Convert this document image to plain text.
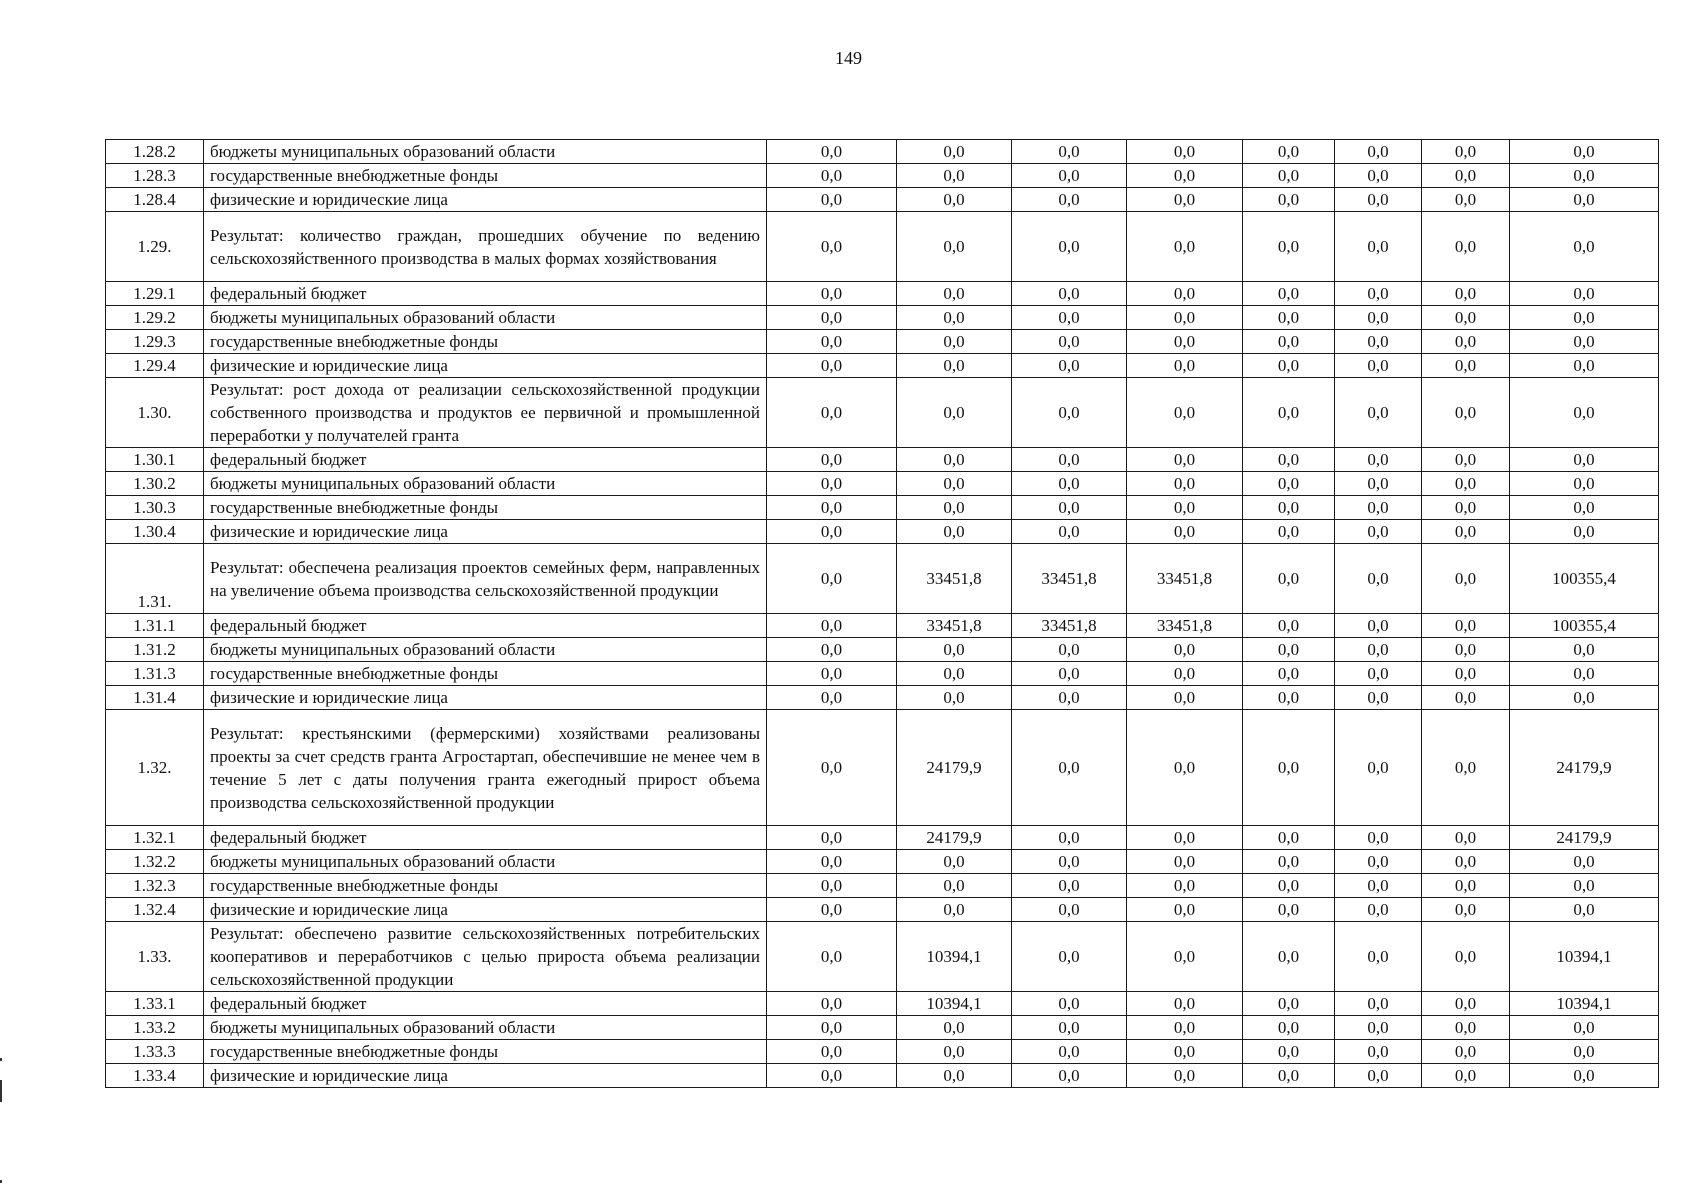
149
1.28.2	бюджеты муниципальных образований области	0,0	0,0	0,0	0,0	0,0	0,0	0,0	0,0
1.28.3	государственные внебюджетные фонды	0,0	0,0	0,0	0,0	0,0	0,0	0,0	0,0
1.28.4	физические и юридические лица	0,0	0,0	0,0	0,0	0,0	0,0	0,0	0,0
1.29.	Результат: количество граждан, прошедших обучение по ведению сельскохозяйственного производства в малых формах хозяйствования	0,0	0,0	0,0	0,0	0,0	0,0	0,0	0,0
1.29.1	федеральный бюджет	0,0	0,0	0,0	0,0	0,0	0,0	0,0	0,0
1.29.2	бюджеты муниципальных образований области	0,0	0,0	0,0	0,0	0,0	0,0	0,0	0,0
1.29.3	государственные внебюджетные фонды	0,0	0,0	0,0	0,0	0,0	0,0	0,0	0,0
1.29.4	физические и юридические лица	0,0	0,0	0,0	0,0	0,0	0,0	0,0	0,0
1.30.	Результат: рост дохода от реализации сельскохозяйственной продукции собственного производства и продуктов ее первичной и промышленной переработки у получателей гранта	0,0	0,0	0,0	0,0	0,0	0,0	0,0	0,0
1.30.1	федеральный бюджет	0,0	0,0	0,0	0,0	0,0	0,0	0,0	0,0
1.30.2	бюджеты муниципальных образований области	0,0	0,0	0,0	0,0	0,0	0,0	0,0	0,0
1.30.3	государственные внебюджетные фонды	0,0	0,0	0,0	0,0	0,0	0,0	0,0	0,0
1.30.4	физические и юридические лица	0,0	0,0	0,0	0,0	0,0	0,0	0,0	0,0
1.31.	Результат: обеспечена реализация проектов семейных ферм, направленных на увеличение объема производства сельскохозяйственной продукции	0,0	33451,8	33451,8	33451,8	0,0	0,0	0,0	100355,4
1.31.1	федеральный бюджет	0,0	33451,8	33451,8	33451,8	0,0	0,0	0,0	100355,4
1.31.2	бюджеты муниципальных образований области	0,0	0,0	0,0	0,0	0,0	0,0	0,0	0,0
1.31.3	государственные внебюджетные фонды	0,0	0,0	0,0	0,0	0,0	0,0	0,0	0,0
1.31.4	физические и юридические лица	0,0	0,0	0,0	0,0	0,0	0,0	0,0	0,0
1.32.	Результат: крестьянскими (фермерскими) хозяйствами реализованы проекты за счет средств гранта Агростартап, обеспечившие не менее чем в течение 5 лет с даты получения гранта ежегодный прирост объема производства сельскохозяйственной продукции	0,0	24179,9	0,0	0,0	0,0	0,0	0,0	24179,9
1.32.1	федеральный бюджет	0,0	24179,9	0,0	0,0	0,0	0,0	0,0	24179,9
1.32.2	бюджеты муниципальных образований области	0,0	0,0	0,0	0,0	0,0	0,0	0,0	0,0
1.32.3	государственные внебюджетные фонды	0,0	0,0	0,0	0,0	0,0	0,0	0,0	0,0
1.32.4	физические и юридические лица	0,0	0,0	0,0	0,0	0,0	0,0	0,0	0,0
1.33.	Результат: обеспечено развитие сельскохозяйственных потребительских кооперативов и переработчиков с целью прироста объема реализации сельскохозяйственной продукции	0,0	10394,1	0,0	0,0	0,0	0,0	0,0	10394,1
1.33.1	федеральный бюджет	0,0	10394,1	0,0	0,0	0,0	0,0	0,0	10394,1
1.33.2	бюджеты муниципальных образований области	0,0	0,0	0,0	0,0	0,0	0,0	0,0	0,0
1.33.3	государственные внебюджетные фонды	0,0	0,0	0,0	0,0	0,0	0,0	0,0	0,0
1.33.4	физические и юридические лица	0,0	0,0	0,0	0,0	0,0	0,0	0,0	0,0
